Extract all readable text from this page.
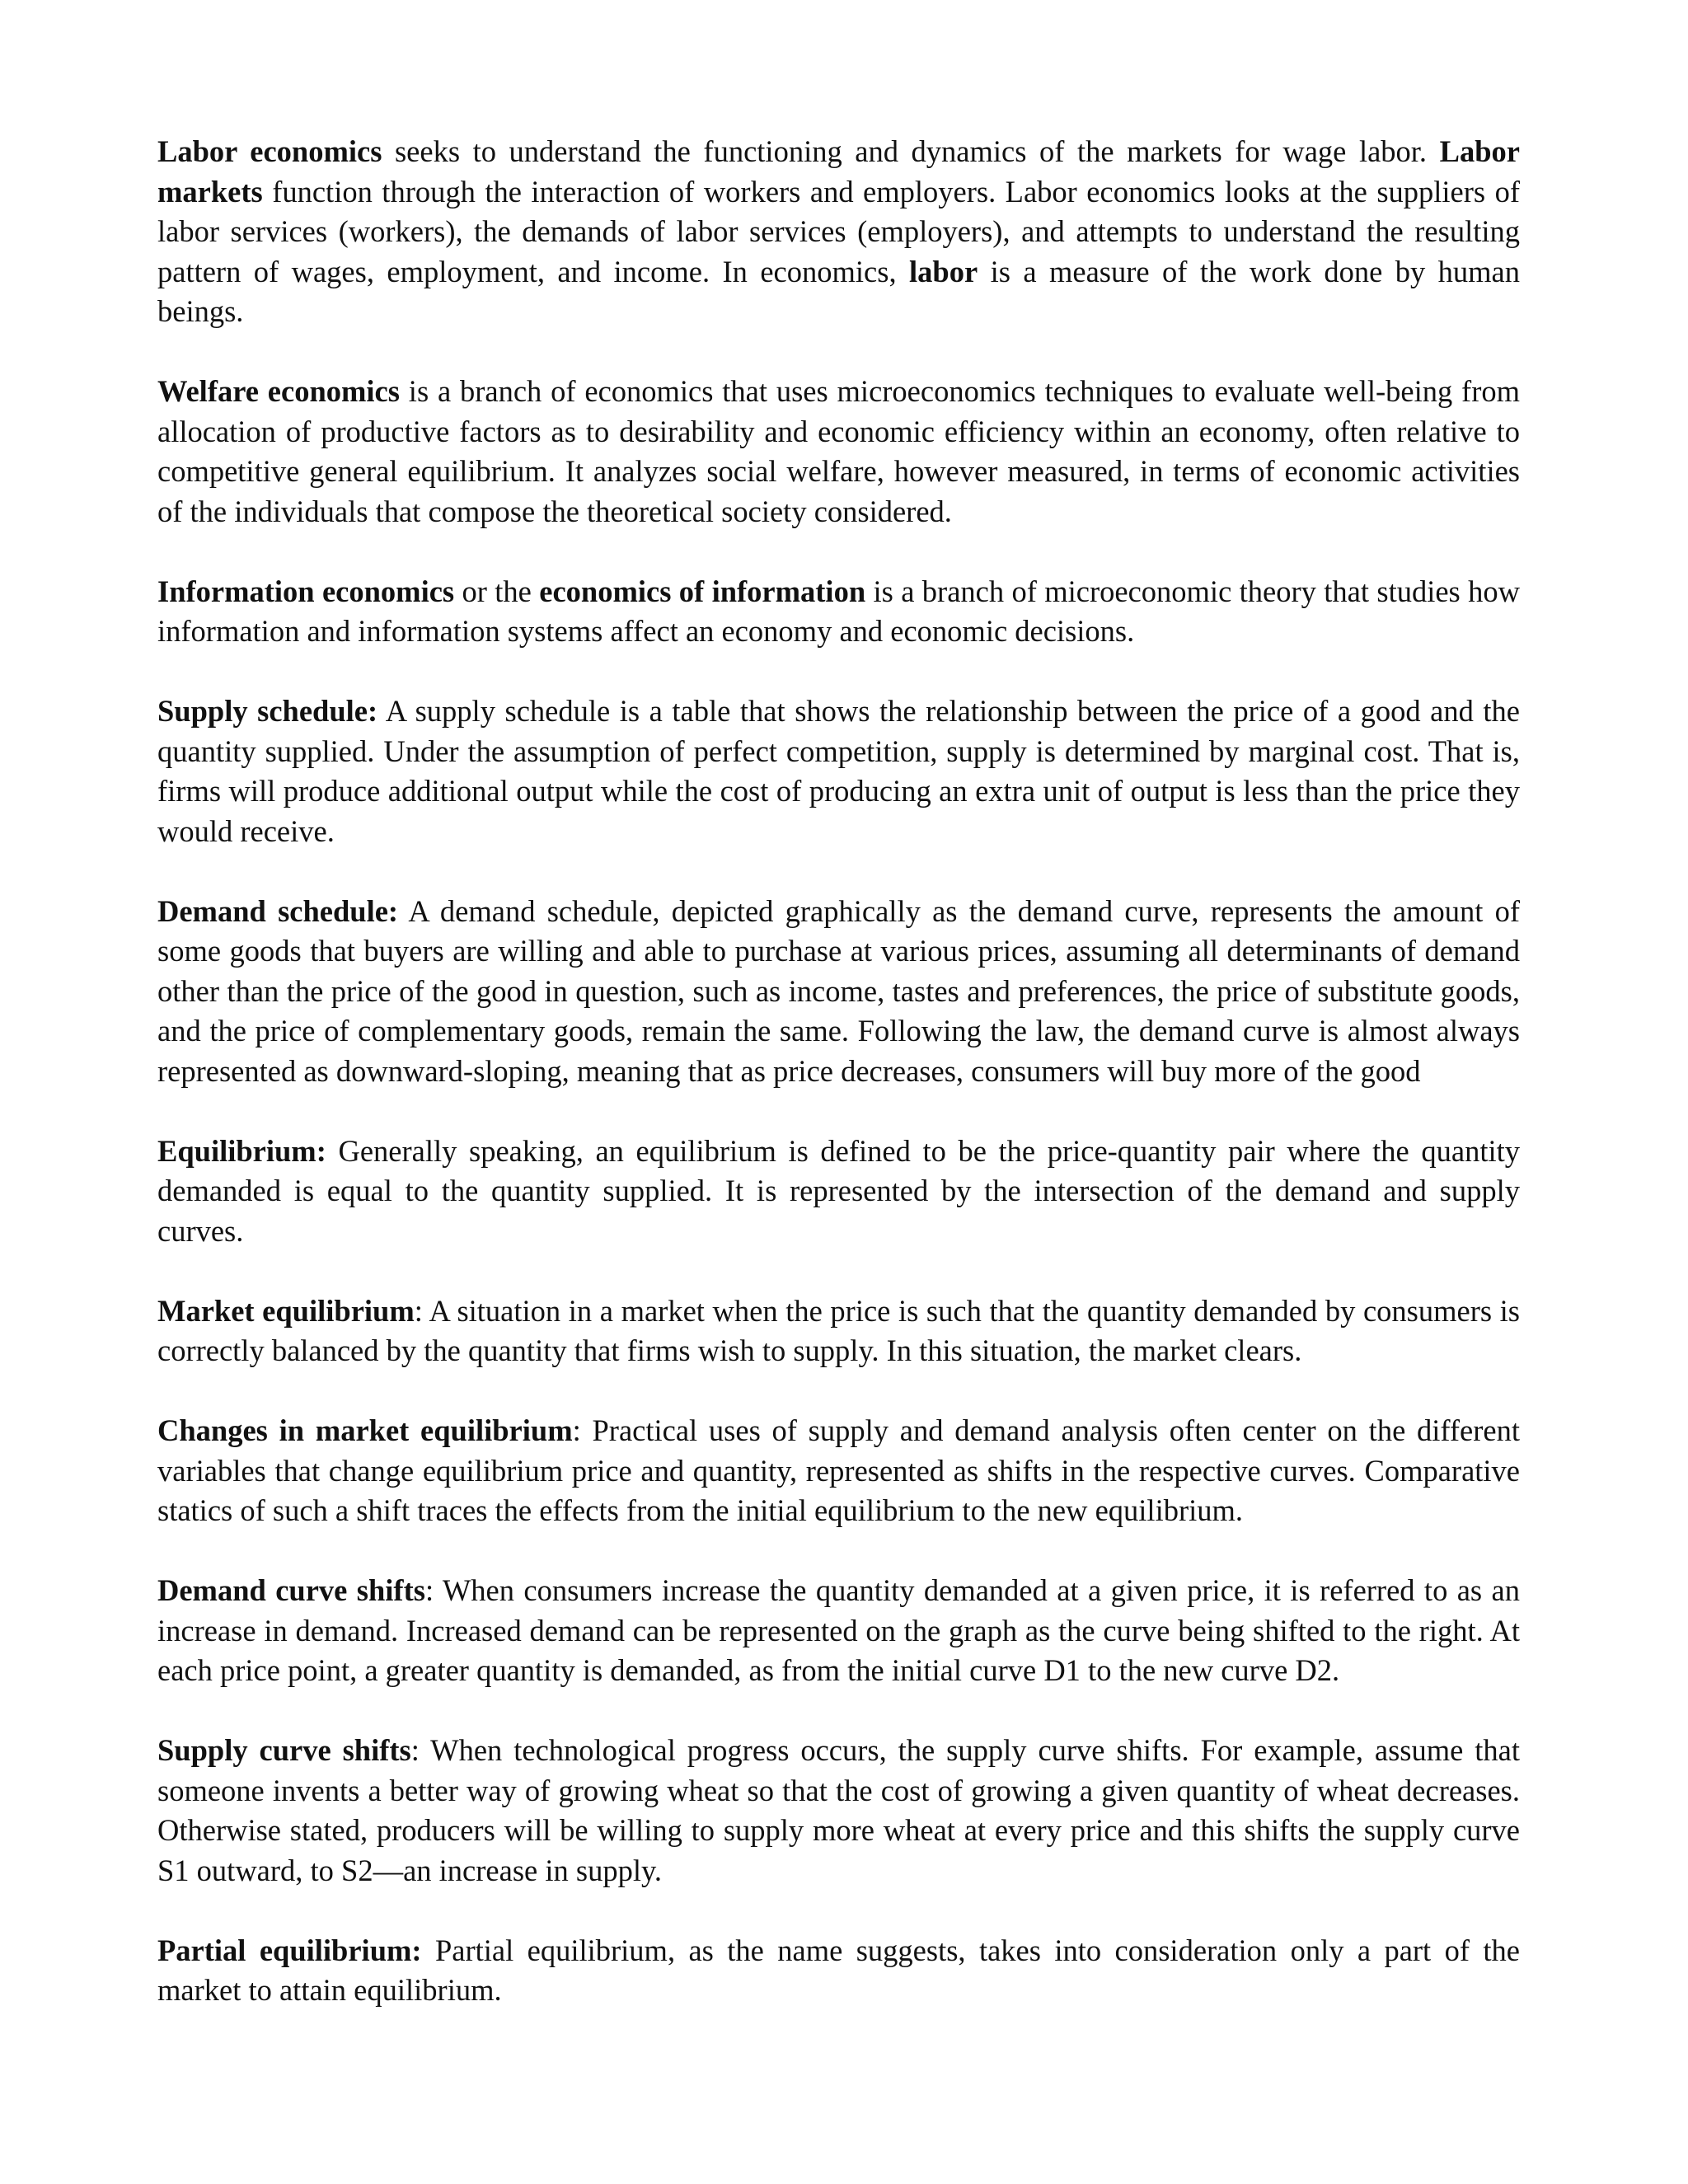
Labor economics seeks to understand the functioning and dynamics of the markets for wage labor. Labor markets function through the interaction of workers and employers. Labor economics looks at the suppliers of labor services (workers), the demands of labor services (employers), and attempts to understand the resulting pattern of wages, employment, and income. In economics, labor is a measure of the work done by human beings.

Welfare economics is a branch of economics that uses microeconomics techniques to evaluate well-being from allocation of productive factors as to desirability and economic efficiency within an economy, often relative to competitive general equilibrium. It analyzes social welfare, however measured, in terms of economic activities of the individuals that compose the theoretical society considered.

Information economics or the economics of information is a branch of microeconomic theory that studies how information and information systems affect an economy and economic decisions.

Supply schedule: A supply schedule is a table that shows the relationship between the price of a good and the quantity supplied. Under the assumption of perfect competition, supply is determined by marginal cost. That is, firms will produce additional output while the cost of producing an extra unit of output is less than the price they would receive.

Demand schedule: A demand schedule, depicted graphically as the demand curve, represents the amount of some goods that buyers are willing and able to purchase at various prices, assuming all determinants of demand other than the price of the good in question, such as income, tastes and preferences, the price of substitute goods, and the price of complementary goods, remain the same. Following the law, the demand curve is almost always represented as downward-sloping, meaning that as price decreases, consumers will buy more of the good

Equilibrium: Generally speaking, an equilibrium is defined to be the price-quantity pair where the quantity demanded is equal to the quantity supplied. It is represented by the intersection of the demand and supply curves.

Market equilibrium: A situation in a market when the price is such that the quantity demanded by consumers is correctly balanced by the quantity that firms wish to supply. In this situation, the market clears.

Changes in market equilibrium: Practical uses of supply and demand analysis often center on the different variables that change equilibrium price and quantity, represented as shifts in the respective curves. Comparative statics of such a shift traces the effects from the initial equilibrium to the new equilibrium.

Demand curve shifts: When consumers increase the quantity demanded at a given price, it is referred to as an increase in demand. Increased demand can be represented on the graph as the curve being shifted to the right. At each price point, a greater quantity is demanded, as from the initial curve D1 to the new curve D2.

Supply curve shifts: When technological progress occurs, the supply curve shifts. For example, assume that someone invents a better way of growing wheat so that the cost of growing a given quantity of wheat decreases. Otherwise stated, producers will be willing to supply more wheat at every price and this shifts the supply curve S1 outward, to S2—an increase in supply.

Partial equilibrium: Partial equilibrium, as the name suggests, takes into consideration only a part of the market to attain equilibrium.
